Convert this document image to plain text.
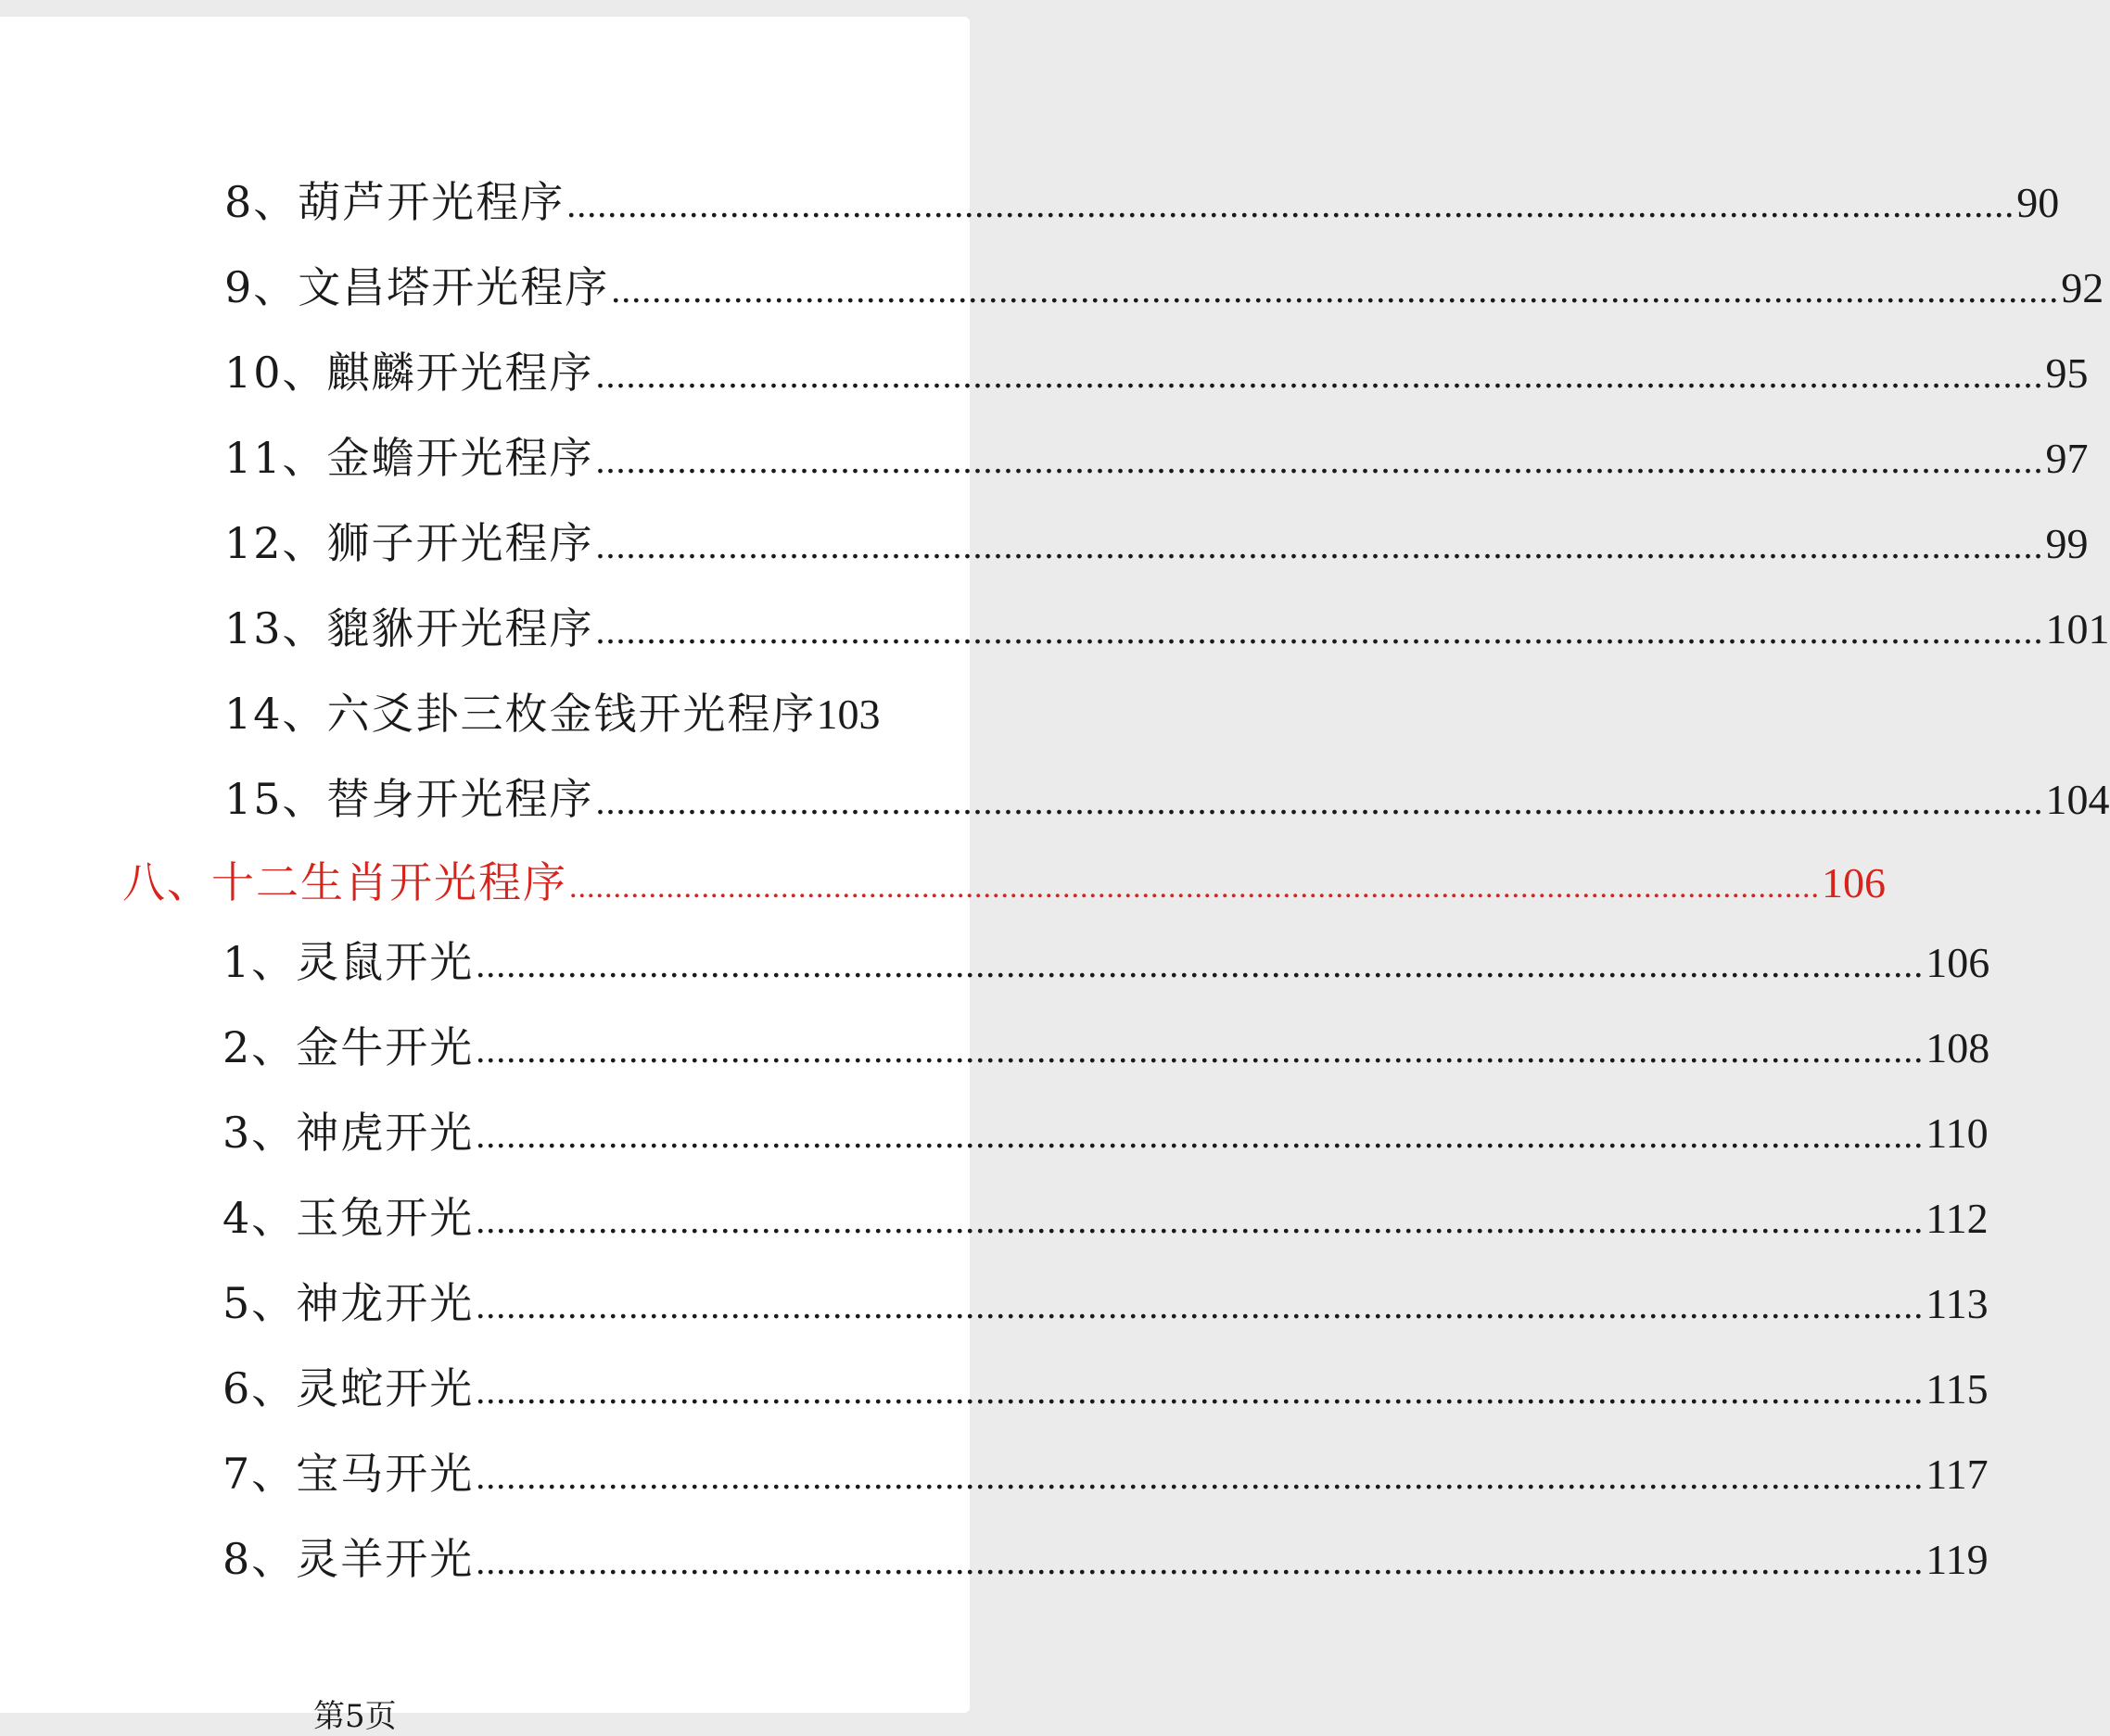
8、葫芦开光程序 .....	90
9、文昌塔开光程序 .....	92
10、麒麟开光程序 .....	95
11、金蟾开光程序 .....	97
12、狮子开光程序 .....	99
13、貔貅开光程序 .....	101
14、六爻卦三枚金钱开光程序 103
15、替身开光程序 .....	104
八、十二生肖开光程序 .....	106
1、灵鼠开光 .....	106
2、金牛开光 .....	108
3、神虎开光 .....	110
4、玉兔开光 .....	112
5、神龙开光 .....	113
6、灵蛇开光 .....	115
7、宝马开光 .....	117
8、灵羊开光 .....	119
第5页
